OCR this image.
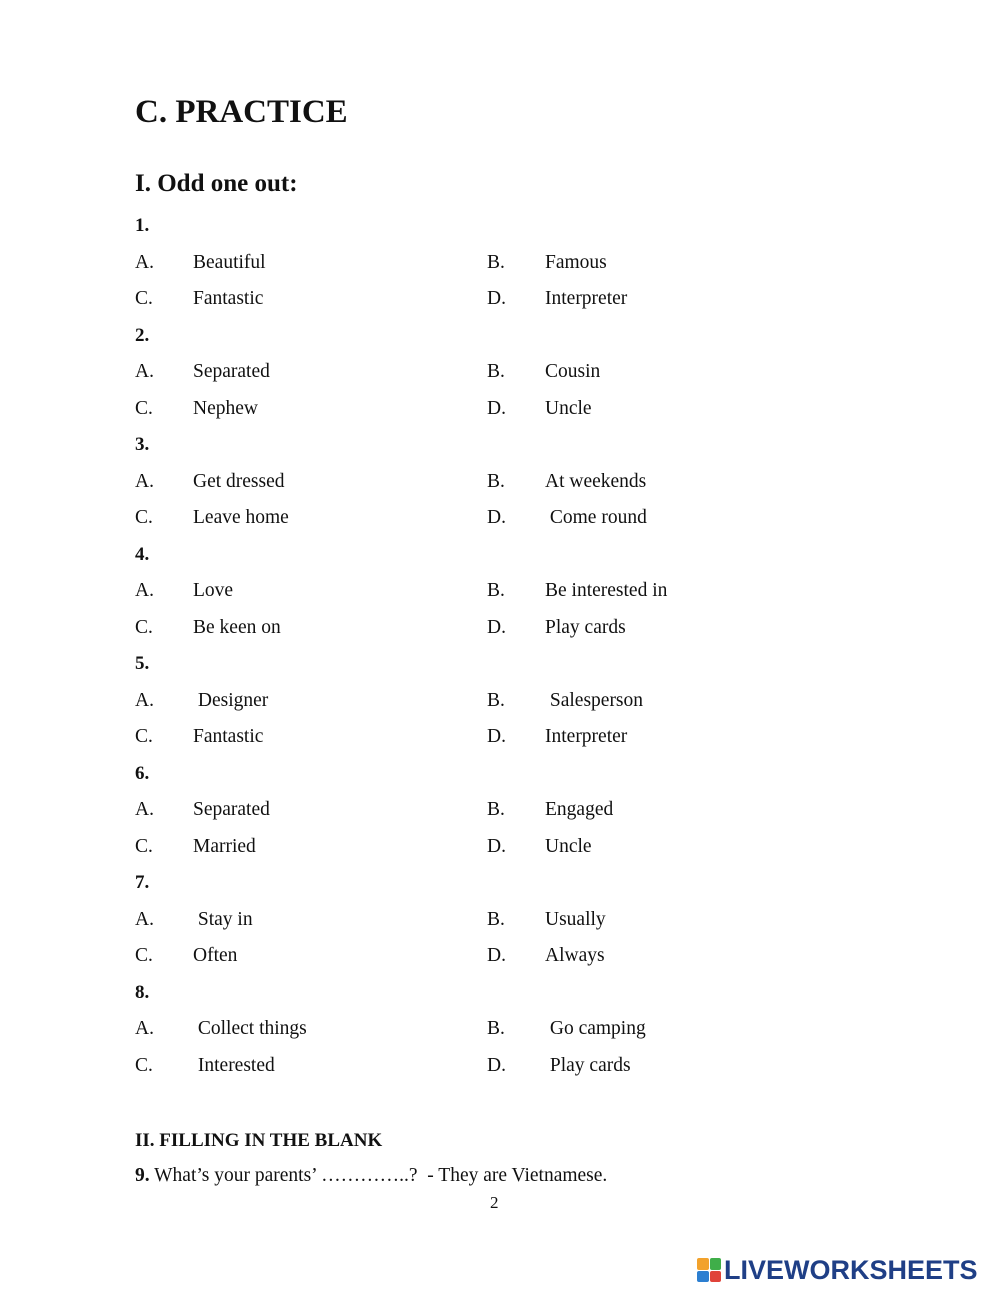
C. PRACTICE
I. Odd one out:
1.
A. Beautiful	B. Famous
C. Fantastic	D. Interpreter
2.
A. Separated	B. Cousin
C. Nephew	D. Uncle
3.
A. Get dressed	B. At weekends
C. Leave home	D. Come round
4.
A. Love	B. Be interested in
C. Be keen on	D. Play cards
5.
A. Designer	B. Salesperson
C. Fantastic	D. Interpreter
6.
A. Separated	B. Engaged
C. Married	D. Uncle
7.
A. Stay in	B. Usually
C. Often	D. Always
8.
A. Collect things	B. Go camping
C. Interested	D. Play cards
II. FILLING IN THE BLANK
9. What’s your parents’ …………..?  - They are Vietnamese.
2
LIVEWORKSHEETS
